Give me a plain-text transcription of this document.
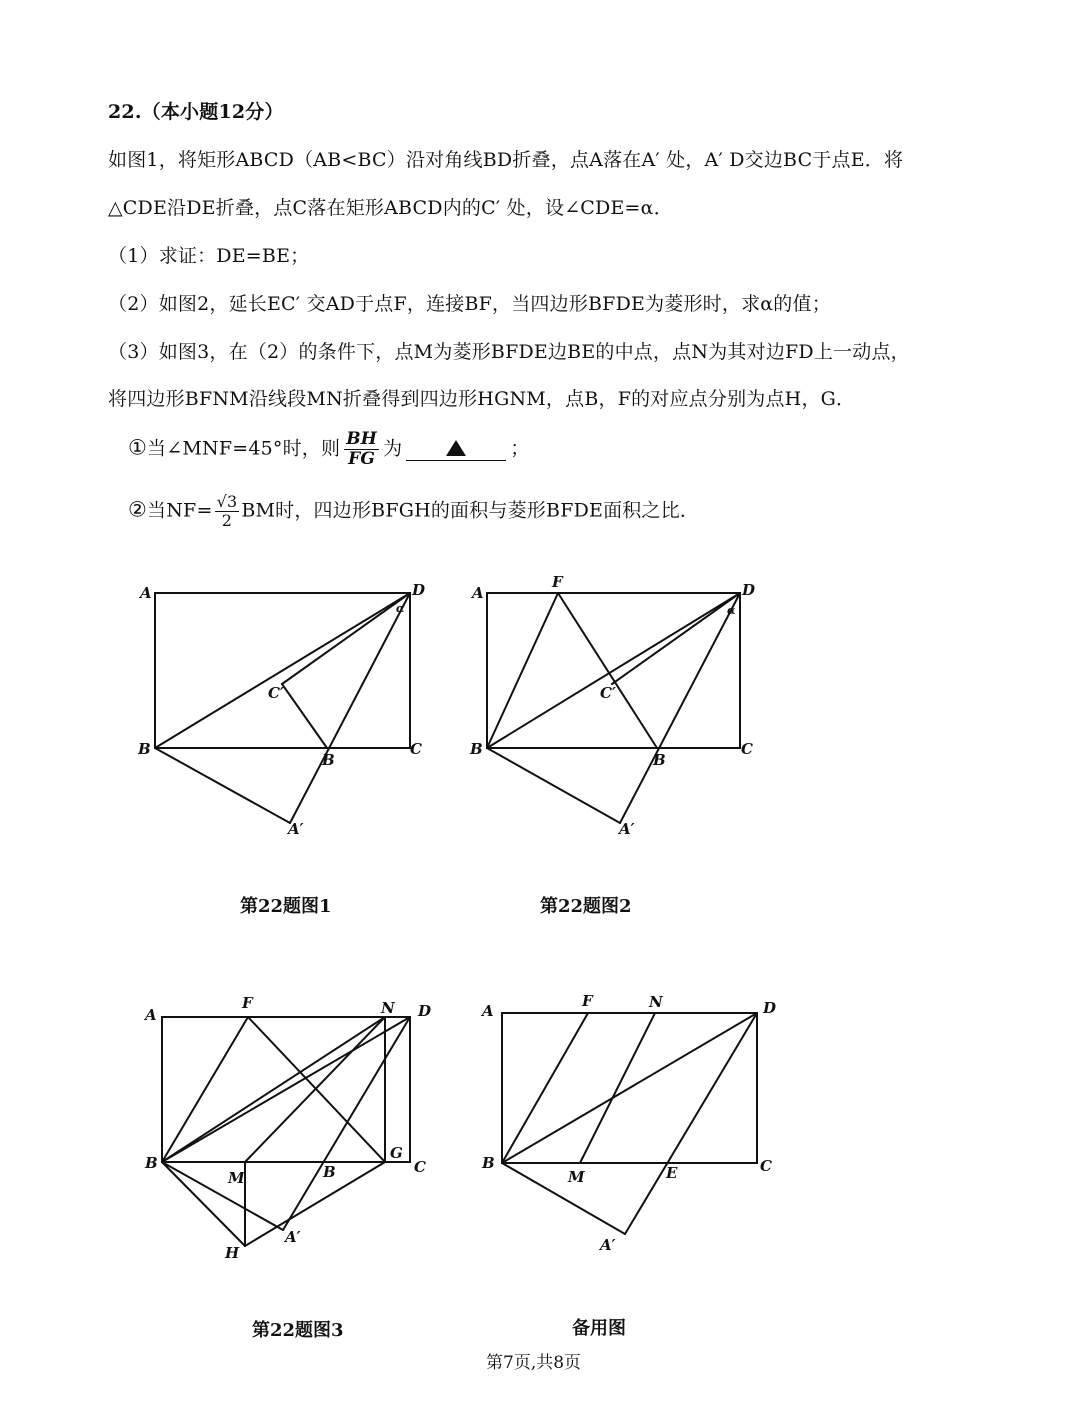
22.（本小题12分）
如图1，将矩形ABCD（AB<BC）沿对角线BD折叠，点A落在A′ 处，A′ D交边BC于点E．将
△CDE沿DE折叠，点C落在矩形ABCD内的C′ 处，设∠CDE=α．
（1）求证：DE=BE；
（2）如图2，延长EC′ 交AD于点F，连接BF，当四边形BFDE为菱形时，求α的值；
（3）如图3，在（2）的条件下，点M为菱形BFDE边BE的中点，点N为其对边FD上一动点，
将四边形BFNM沿线段MN折叠得到四边形HGNM，点B，F的对应点分别为点H，G．
①当∠MNF=45°时，则 $\frac{BH}{FG}$ 为	；
②当$NF= \frac{√3}{2}$ BM时，四边形BFGH的面积与菱形BFDE面积之比．
A	D
B	C
B
C′
A′
α
第22题图1
A
F	D
B	C
B
C′
A′
α
第22题图2
A
F	N D
B
M	B
G
C
H
A′
第22题图3
A
F	N	D
B
M	E	C
A′
备用图
第7页,共8页
